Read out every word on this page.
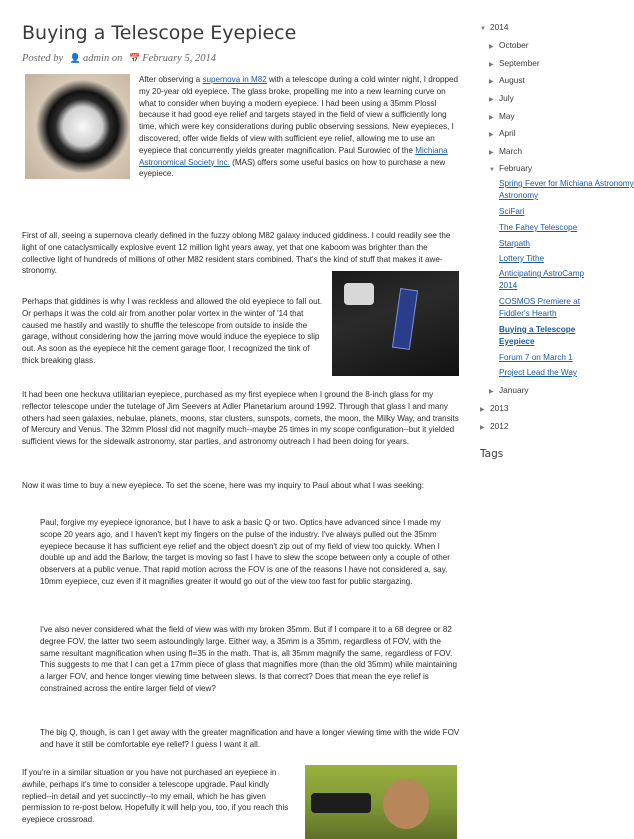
Buying a Telescope Eyepiece
Posted by 👤 admin on 📅 February 5, 2014

After observing a supernova in M82 with a telescope during a cold winter night, I dropped my 20-year old eyepiece. The glass broke, propelling me into a new learning curve on what to consider when buying a modern eyepiece. I had been using a 35mm Plossl because it had good eye relief and targets stayed in the field of view a sufficiently long time, which were key considerations during public observing sessions. New eyepieces, I discovered, offer wide fields of view with sufficient eye relief, allowing me to use an eyepiece that concurrently yields greater magnification. Paul Surowiec of the Michiana Astronomical Society Inc. (MAS) offers some useful basics on how to purchase a new eyepiece.

First of all, seeing a supernova clearly defined in the fuzzy oblong M82 galaxy induced giddiness. I could readily see the light of one cataclysmically explosive event 12 million light years away, yet that one kaboom was brighter than the collective light of hundreds of millions of other M82 resident stars combined. That's the kind of stuff that makes it awe-stronomy.

Perhaps that giddines is why I was reckless and allowed the old eyepiece to fall out. Or perhaps it was the cold air from another polar vortex in the winter of '14 that caused me hastily and wastily to shuffle the telescope from outside to inside the garage, without considering how the jarring move would induce the eyepiece to slip out. As soon as the eyepiece hit the cement garage floor, I recognized the tink of thick breaking glass.

It had been one heckuva utilitarian eyepiece, purchased as my first eyepiece when I ground the 8-inch glass for my reflector telescope under the tutelage of Jim Seevers at Adler Planetarium around 1992. Through that glass I and many others had seen galaxies, nebulae, planets, moons, star clusters, sunspots, comets, the moon, the Milky Way, and transits of Mercury and Venus. The 32mm Plossl did not magnify much--maybe 25 times in my scope configuration--but it yielded sufficient views for the sidewalk astronomy, star parties, and astronomy outreach I had been doing for years.

Now it was time to buy a new eyepiece. To set the scene, here was my inquiry to Paul about what I was seeking:

Paul, forgive my eyepiece ignorance, but I have to ask a basic Q or two. Optics have advanced since I made my scope 20 years ago, and I haven't kept my fingers on the pulse of the industry. I've always pulled out the 35mm eyepiece because it has sufficient eye relief and the object doesn't zip out of my field of view too quickly. When I double up and add the Barlow, the target is moving so fast I have to slew the scope between only a couple of other observers at a public venue. That rapid motion across the FOV is one of the reasons I have not considered a, say, 10mm eyepiece, cuz even if it magnifies greater it would go out of the view too fast for public stargazing.

I've also never considered what the field of view was with my broken 35mm. But if I compare it to a 68 degree or 82 degree FOV, the latter two seem astoundingly large. Either way, a 35mm is a 35mm, regardless of FOV, with the same resultant magnification when using fl=35 in the math. That is, all 35mm magnify the same, regardless of FOV. This suggests to me that I can get a 17mm piece of glass that magnifies more (than the old 35mm) while maintaining a larger FOV, and hence longer viewing time between slews. Is that correct? Does that mean the eye relief is constrained across the entire larger field of view?

The big Q, though, is can I get away with the greater magnification and have a longer viewing time with the wide FOV and have it still be comfortable eye relief? I guess I want it all.

If you're in a similar situation or you have not purchased an eyepiece in awhile, perhaps it's time to consider a telescope upgrade. Paul kindly replied--in detail and yet succinctly--to my email, which he has given permission to re-post below. Hopefully it will help you, too, if you reach this eyepiece crossroad.

▼ 2014
▶ October
▶ September
▶ August
▶ July
▶ May
▶ April
▶ March
▼ February
Spring Fever for Michiana Astronomy
Astronomy
SciFari
The Fahey Telescope
Starpath
Lottery Tithe
Anticipating AstroCamp
2014
COSMOS Premiere at
Fiddler's Hearth
Buying a Telescope
Eyepiece
Forum 7 on March 1
Project Lead the Way
▶ January
▶ 2013
▶ 2012
Tags
